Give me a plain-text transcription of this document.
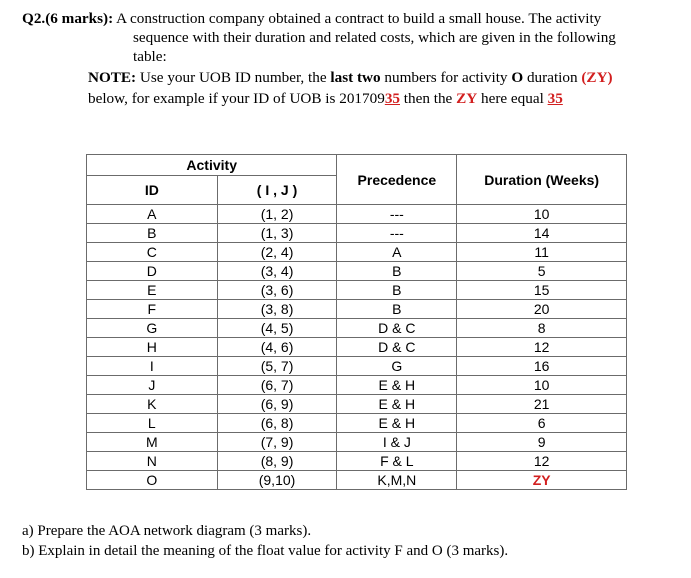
Q2.(6 marks): A construction company obtained a contract to build a small house. The activity

sequence with their duration and related costs, which are given in the following

table:

NOTE: Use your UOB ID number, the last two numbers for activity O duration (ZY)

below, for example if your ID of UOB is 20170935 then the ZY here equal 35

Activity		Precedence	Duration (Weeks)
ID	( I , J )		
A	(1, 2)	---	10
B	(1, 3)	---	14
C	(2, 4)	A	11
D	(3, 4)	B	5
E	(3, 6)	B	15
F	(3, 8)	B	20
G	(4, 5)	D & C	8
H	(4, 6)	D & C	12
I	(5, 7)	G	16
J	(6, 7)	E & H	10
K	(6, 9)	E & H	21
L	(6, 8)	E & H	6
M	(7, 9)	I & J	9
N	(8, 9)	F & L	12
O	(9,10)	K,M,N	ZY

a) Prepare the AOA network diagram (3 marks).

b) Explain in detail the meaning of the float value for activity F and O (3 marks).
